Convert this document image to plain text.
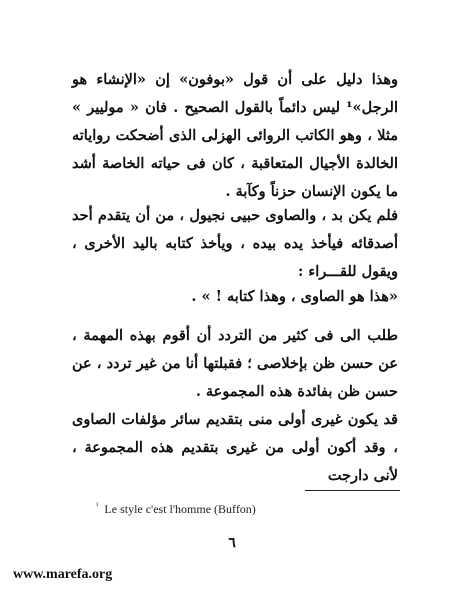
وهذا دليل على أن قول «بوفون» إن «الإنشاء هو الرجل»¹ ليس دائماً بالقول الصحيح . فان « موليير » مثلا ، وهو الكاتب الروائى الهزلى الذى أضحكت رواياته الخالدة الأجيال المتعاقبة ، كان فى حياته الخاصة أشد ما يكون الإنسان حزناً وكآبة .

فلم يكن بد ، والصاوى حبيى نجيول ، من أن يتقدم أحد أصدقائه فيأخذ يده بيده ، ويأخذ كتابه باليد الأخرى ، ويقول للقـــراء :

«هذا هو الصاوى ، وهذا كتابه ! » .

طلب الى فى كثير من التردد أن أقوم بهذه المهمة ، عن حسن ظن بإخلاصى ؛ فقبلتها أنا من غير تردد ، عن حسن ظن بفائدة هذه المجموعة .

قد يكون غيرى أولى منى بتقديم سائر مؤلفات الصاوى ، وقد أكون أولى من غيرى بتقديم هذه المجموعة ، لأنى دارجت

$^{^1}$ Le style c'est l'homme (Buffon)
٦
www.marefa.org
